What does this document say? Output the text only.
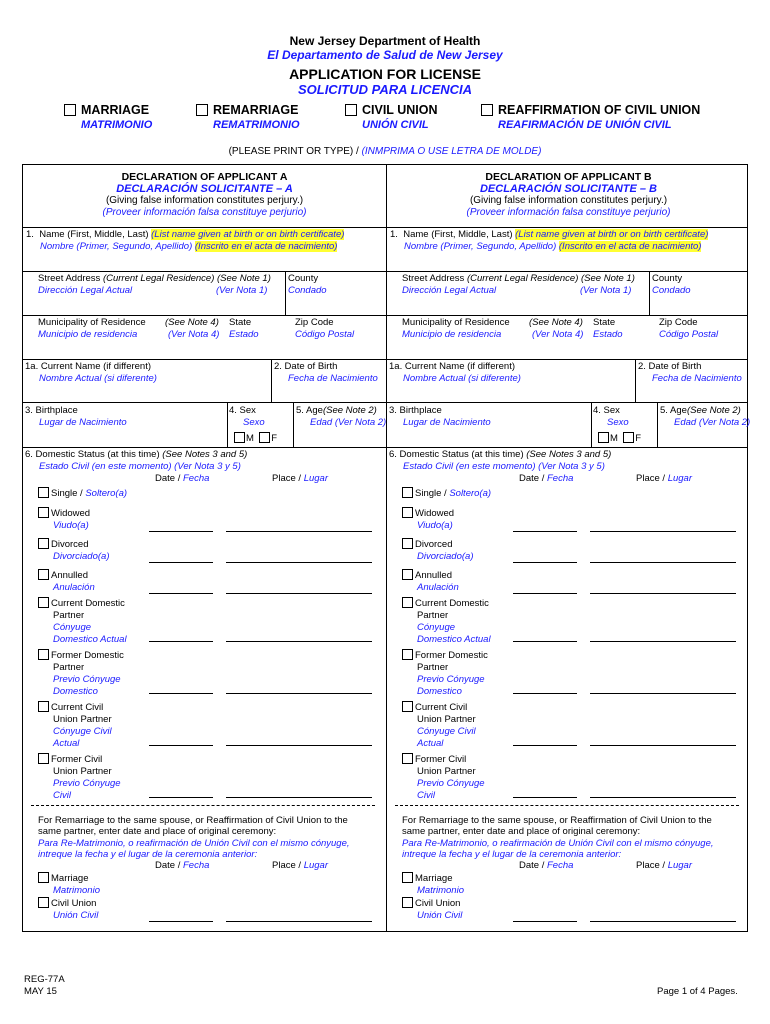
New Jersey Department of Health
El Departamento de Salud de New Jersey
APPLICATION FOR LICENSE
SOLICITUD PARA LICENCIA
MARRIAGE
MATRIMONIO
REMARRIAGE
REMATRIMONIO
CIVIL UNION
UNIÓN CIVIL
REAFFIRMATION OF CIVIL UNION
REAFIRMACIÓN DE UNIÓN CIVIL
(PLEASE PRINT OR TYPE) / (INMPRIMA O USE LETRA DE MOLDE)
DECLARATION OF APPLICANT A
DECLARACIÓN SOLICITANTE – A
(Giving false information constitutes perjury.)
(Proveer información falsa constituye perjurio)
1. Name (First, Middle, Last) (List name given at birth or on birth certificate)
Nombre (Primer, Segundo, Apellido) (Inscrito en el acta de nacimiento)
Street Address (Current Legal Residence) (See Note 1)
Dirección Legal Actual	(Ver Nota 1)
County
Condado
Municipality of Residence (See Note 4)

Municipio de residencia	(Ver Nota 4)
State
Estado
Zip Code
Código Postal
1a. Current Name (if different)
Nombre Actual (si diferente)
2. Date of Birth
Fecha de Nacimiento
3. Birthplace
Lugar de Nacimiento
4. Sex
Sexo
M F
5. Age(See Note 2)
Edad (Ver Nota 2)
6. Domestic Status (at this time) (See Notes 3 and 5)
Estado Civil (en este momento) (Ver Nota 3 y 5)
Date / Fecha	Place / Lugar
Single / Soltero(a)
Widowed
Viudo(a)
Divorced
Divorciado(a)
Annulled
Anulación
Current Domestic
Partner
Cónyuge
Domestico Actual
Former Domestic
Partner
Previo Cónyuge
Domestico
Current Civil
Union Partner
Cónyuge Civil
Actual
Former Civil
Union Partner
Previo Cónyuge
Civil
For Remarriage to the same spouse, or Reaffirmation of Civil Union to the
same partner, enter date and place of original ceremony:
Para Re-Matrimonio, o reafirmación de Unión Civil con el mismo cónyuge,
intreque la fecha y el lugar de la ceremonia anterior:
Date / Fecha	Place / Lugar
Marriage
Matrimonio
Civil Union
Unión Civil
DECLARATION OF APPLICANT B
DECLARACIÓN SOLICITANTE – B
(Giving false information constitutes perjury.)
(Proveer información falsa constituye perjurio)
1. Name (First, Middle, Last) (List name given at birth or on birth certificate)
Nombre (Primer, Segundo, Apellido) (Inscrito en el acta de nacimiento)
Street Address (Current Legal Residence) (See Note 1)
Dirección Legal Actual	(Ver Nota 1)
County
Condado
Municipality of Residence (See Note 4)

Municipio de residencia	(Ver Nota 4)
State
Estado
Zip Code
Código Postal
1a. Current Name (if different)
Nombre Actual (si diferente)
2. Date of Birth
Fecha de Nacimiento
3. Birthplace
Lugar de Nacimiento
4. Sex
Sexo
M F
5. Age(See Note 2)
Edad (Ver Nota 2)
6. Domestic Status (at this time) (See Notes 3 and 5)
Estado Civil (en este momento) (Ver Nota 3 y 5)
Date / Fecha	Place / Lugar
Single / Soltero(a)
Widowed
Viudo(a)
Divorced
Divorciado(a)
Annulled
Anulación
Current Domestic
Partner
Cónyuge
Domestico Actual
Former Domestic
Partner
Previo Cónyuge
Domestico
Current Civil
Union Partner
Cónyuge Civil
Actual
Former Civil
Union Partner
Previo Cónyuge
Civil
For Remarriage to the same spouse, or Reaffirmation of Civil Union to the
same partner, enter date and place of original ceremony:
Para Re-Matrimonio, o reafirmación de Unión Civil con el mismo cónyuge,
intreque la fecha y el lugar de la ceremonia anterior:
Date / Fecha	Place / Lugar
Marriage
Matrimonio
Civil Union
Unión Civil
REG-77A
MAY 15	Page 1 of 4 Pages.
